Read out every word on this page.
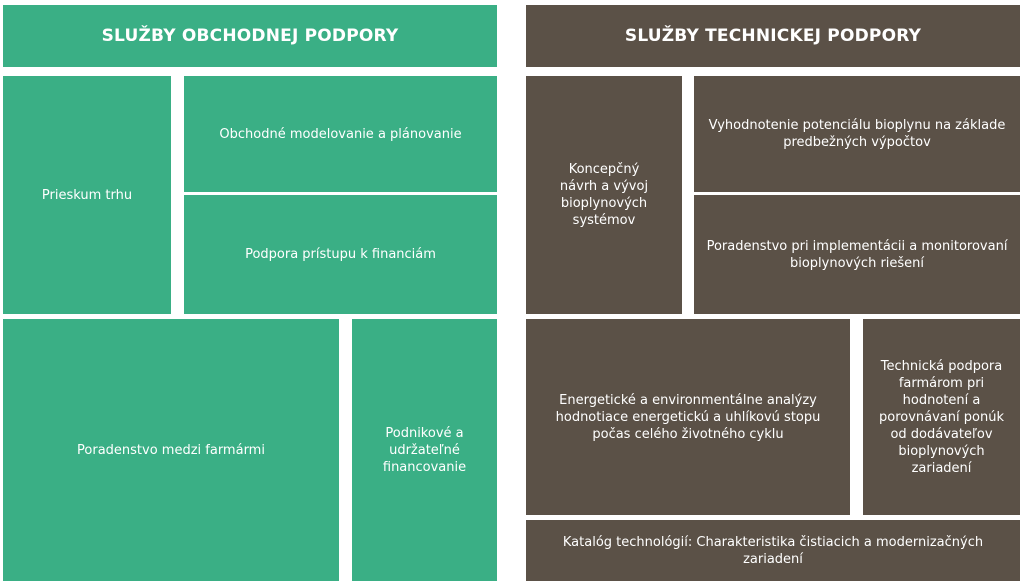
SLUŽBY OBCHODNEJ PODPORY
Prieskum trhu
Obchodné modelovanie a plánovanie
Podpora prístupu k financiám
Poradenstvo medzi farmármi
Podnikové a udržateľné financovanie
SLUŽBY TECHNICKEJ PODPORY
Koncepčný návrh a vývoj bioplynových systémov
Vyhodnotenie potenciálu bioplynu na základe predbežných výpočtov
Poradenstvo pri implementácii a monitorovaní bioplynových riešení
Energetické a environmentálne analýzy hodnotiace energetickú a uhlíkovú stopu počas celého životného cyklu
Technická podpora farmárom pri hodnotení a porovnávaní ponúk od dodávateľov bioplynových zariadení
Katalóg technológií: Charakteristika čistiacich a modernizačných zariadení
